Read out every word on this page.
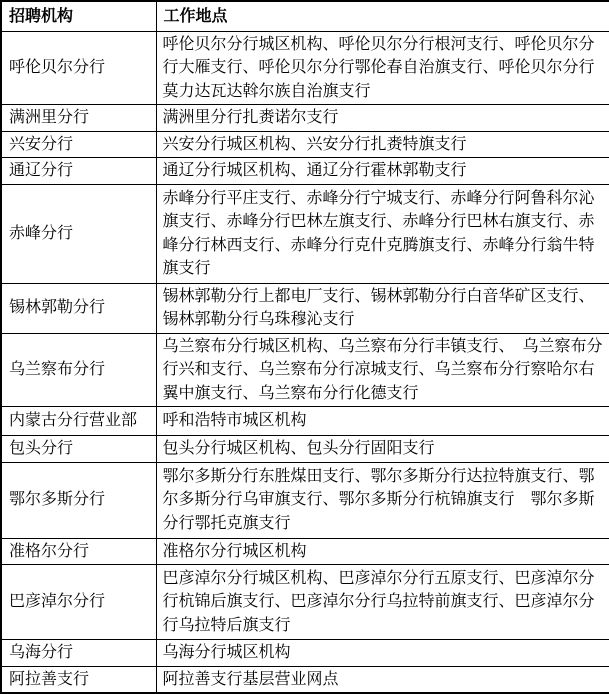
招聘机构	工作地点
呼伦贝尔分行	呼伦贝尔分行城区机构、呼伦贝尔分行根河支行、呼伦贝尔分行大雁支行、呼伦贝尔分行鄂伦春自治旗支行、呼伦贝尔分行莫力达瓦达斡尔族自治旗支行
满洲里分行	满洲里分行扎赉诺尔支行
兴安分行	兴安分行城区机构、兴安分行扎赉特旗支行
通辽分行	通辽分行城区机构、通辽分行霍林郭勒支行
赤峰分行	赤峰分行平庄支行、赤峰分行宁城支行、赤峰分行阿鲁科尔沁旗支行、赤峰分行巴林左旗支行、赤峰分行巴林右旗支行、赤峰分行林西支行、赤峰分行克什克腾旗支行、赤峰分行翁牛特旗支行
锡林郭勒分行	锡林郭勒分行上都电厂支行、锡林郭勒分行白音华矿区支行、锡林郭勒分行乌珠穆沁支行
乌兰察布分行	乌兰察布分行城区机构、乌兰察布分行丰镇支行、　乌兰察布分行兴和支行、乌兰察布分行凉城支行、乌兰察布分行察哈尔右翼中旗支行、乌兰察布分行化德支行
内蒙古分行营业部	呼和浩特市城区机构
包头分行	包头分行城区机构、包头分行固阳支行
鄂尔多斯分行	鄂尔多斯分行东胜煤田支行、鄂尔多斯分行达拉特旗支行、鄂尔多斯分行乌审旗支行、鄂尔多斯分行杭锦旗支行　鄂尔多斯分行鄂托克旗支行
准格尔分行	准格尔分行城区机构
巴彦淖尔分行	巴彦淖尔分行城区机构、巴彦淖尔分行五原支行、巴彦淖尔分行杭锦后旗支行、巴彦淖尔分行乌拉特前旗支行、巴彦淖尔分行乌拉特后旗支行
乌海分行	乌海分行城区机构
阿拉善支行	阿拉善支行基层营业网点
